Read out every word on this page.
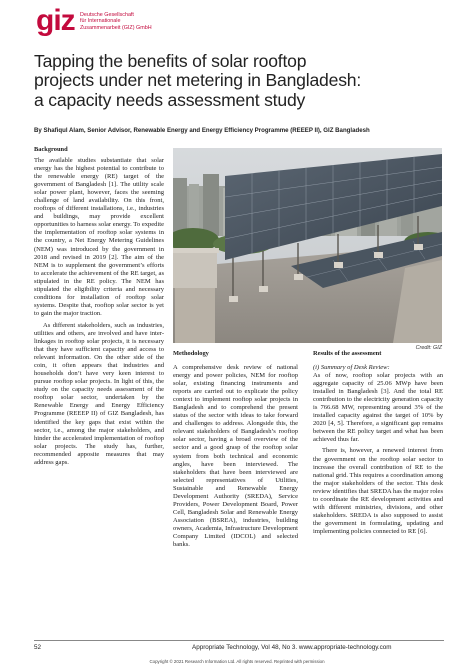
giz Deutsche Gesellschaft
für Internationale
Zusammenarbeit (GIZ) GmbH
Tapping the benefits of solar rooftop
projects under net metering in Bangladesh:
a capacity needs assessment study
By Shafiqul Alam, Senior Advisor, Renewable Energy and Energy Efficiency Programme (REEEP II), GIZ Bangladesh
Background

The available studies substantiate that solar energy has the highest potential to contribute to the renewable energy (RE) target of the government of Bangladesh [1]. The utility scale solar power plant, however, faces the seeming challenge of land availability. On this front, rooftops of different installations, i.e., industries and buildings, may provide excellent opportunities to harness solar energy. To expedite the implementation of rooftop solar systems in the country, a Net Energy Metering Guidelines (NEM) was introduced by the government in 2018 and revised in 2019 [2]. The aim of the NEM is to supplement the government’s efforts to accelerate the achievement of the RE target, as stipulated in the RE policy. The NEM has stipulated the eligibility criteria and necessary conditions for installation of rooftop solar systems. Despite that, rooftop solar sector is yet to gain the major traction.

As different stakeholders, such as industries, utilities and others, are involved and have inter-linkages in rooftop solar projects, it is necessary that they have sufficient capacity and access to relevant information. On the other side of the coin, it often appears that industries and households don’t have very keen interest to pursue rooftop solar projects. In light of this, the study on the capacity needs assessment of the rooftop solar sector, undertaken by the Renewable Energy and Energy Efficiency Programme (REEEP II) of GIZ Bangladesh, has identified the key gaps that exist within the sector, i.e., among the major stakeholders, and hinder the accelerated implementation of rooftop solar projects. The study has, further, recommended apposite measures that may address gaps.

Credit: GIZ
Methodology

A comprehensive desk review of national energy and power policies, NEM for rooftop solar, existing financing instruments and reports are carried out to explicate the policy context to implement rooftop solar projects in Bangladesh and to comprehend the present status of the sector with ideas to take forward and challenges to address. Alongside this, the relevant stakeholders of Bangladesh’s rooftop solar sector, having a broad overview of the sector and a good grasp of the rooftop solar system from both technical and economic angles, have been interviewed. The stakeholders that have been interviewed are selected representatives of Utilities, Sustainable and Renewable Energy Development Authority (SREDA), Service Providers, Power Development Board, Power Cell, Bangladesh Solar and Renewable Energy Association (BSREA), industries, building owners, Academia, Infrastructure Development Company Limited (IDCOL) and selected banks.

Results of the assessment

(i) Summary of Desk Review:

As of now, rooftop solar projects with an aggregate capacity of 25.06 MWp have been installed in Bangladesh [3]. And the total RE contribution to the electricity generation capacity is 766.68 MW, representing around 3% of the installed capacity against the target of 10% by 2020 [4, 5]. Therefore, a significant gap remains between the RE policy target and what has been achieved thus far.

There is, however, a renewed interest from the government on the rooftop solar sector to increase the overall contribution of RE to the national grid. This requires a coordination among the major stakeholders of the sector. This desk review identifies that SREDA has the major roles to coordinate the RE development activities and with different ministries, divisions, and other stakeholders. SREDA is also supposed to assist the government in formulating, updating and implementing policies connected to RE [6].

52	Appropriate Technology, Vol 48, No 3. www.appropriate-technology.com
Copyright © 2021 Research Information Ltd. All rights reserved. Reprinted with permission
